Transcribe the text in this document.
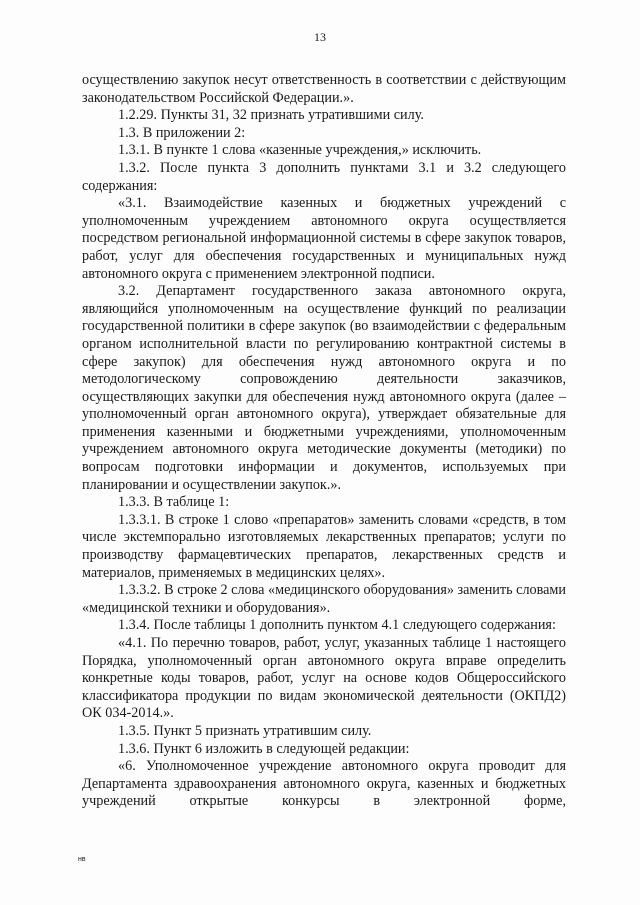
13

осуществлению закупок несут ответственность в соответствии с действующим законодательством Российской Федерации.».

1.2.29. Пункты 31, 32 признать утратившими силу.

1.3. В приложении 2:

1.3.1. В пункте 1 слова «казенные учреждения,» исключить.

1.3.2. После пункта 3 дополнить пунктами 3.1 и 3.2 следующего содержания:

«3.1. Взаимодействие казенных и бюджетных учреждений с уполномоченным учреждением автономного округа осуществляется посредством региональной информационной системы в сфере закупок товаров, работ, услуг для обеспечения государственных и муниципальных нужд автономного округа с применением электронной подписи.

3.2. Департамент государственного заказа автономного округа, являющийся уполномоченным на осуществление функций по реализации государственной политики в сфере закупок (во взаимодействии с федеральным органом исполнительной власти по регулированию контрактной системы в сфере закупок) для обеспечения нужд автономного округа и по методологическому сопровождению деятельности заказчиков, осуществляющих закупки для обеспечения нужд автономного округа (далее – уполномоченный орган автономного округа), утверждает обязательные для применения казенными и бюджетными учреждениями, уполномоченным учреждением автономного округа методические документы (методики) по вопросам подготовки информации и документов, используемых при планировании и осуществлении закупок.».

1.3.3. В таблице 1:

1.3.3.1. В строке 1 слово «препаратов» заменить словами «средств, в том числе экстемпорально изготовляемых лекарственных препаратов; услуги по производству фармацевтических препаратов, лекарственных средств и материалов, применяемых в медицинских целях».

1.3.3.2. В строке 2 слова «медицинского оборудования» заменить словами «медицинской техники и оборудования».

1.3.4. После таблицы 1 дополнить пунктом 4.1 следующего содержания:

«4.1. По перечню товаров, работ, услуг, указанных таблице 1 настоящего Порядка, уполномоченный орган автономного округа вправе определить конкретные коды товаров, работ, услуг на основе кодов Общероссийского классификатора продукции по видам экономической деятельности (ОКПД2) ОК 034-2014.».

1.3.5. Пункт 5 признать утратившим силу.

1.3.6. Пункт 6 изложить в следующей редакции:

«6. Уполномоченное учреждение автономного округа проводит для Департамента здравоохранения автономного округа, казенных и бюджетных учреждений открытые конкурсы в электронной форме,

нв
